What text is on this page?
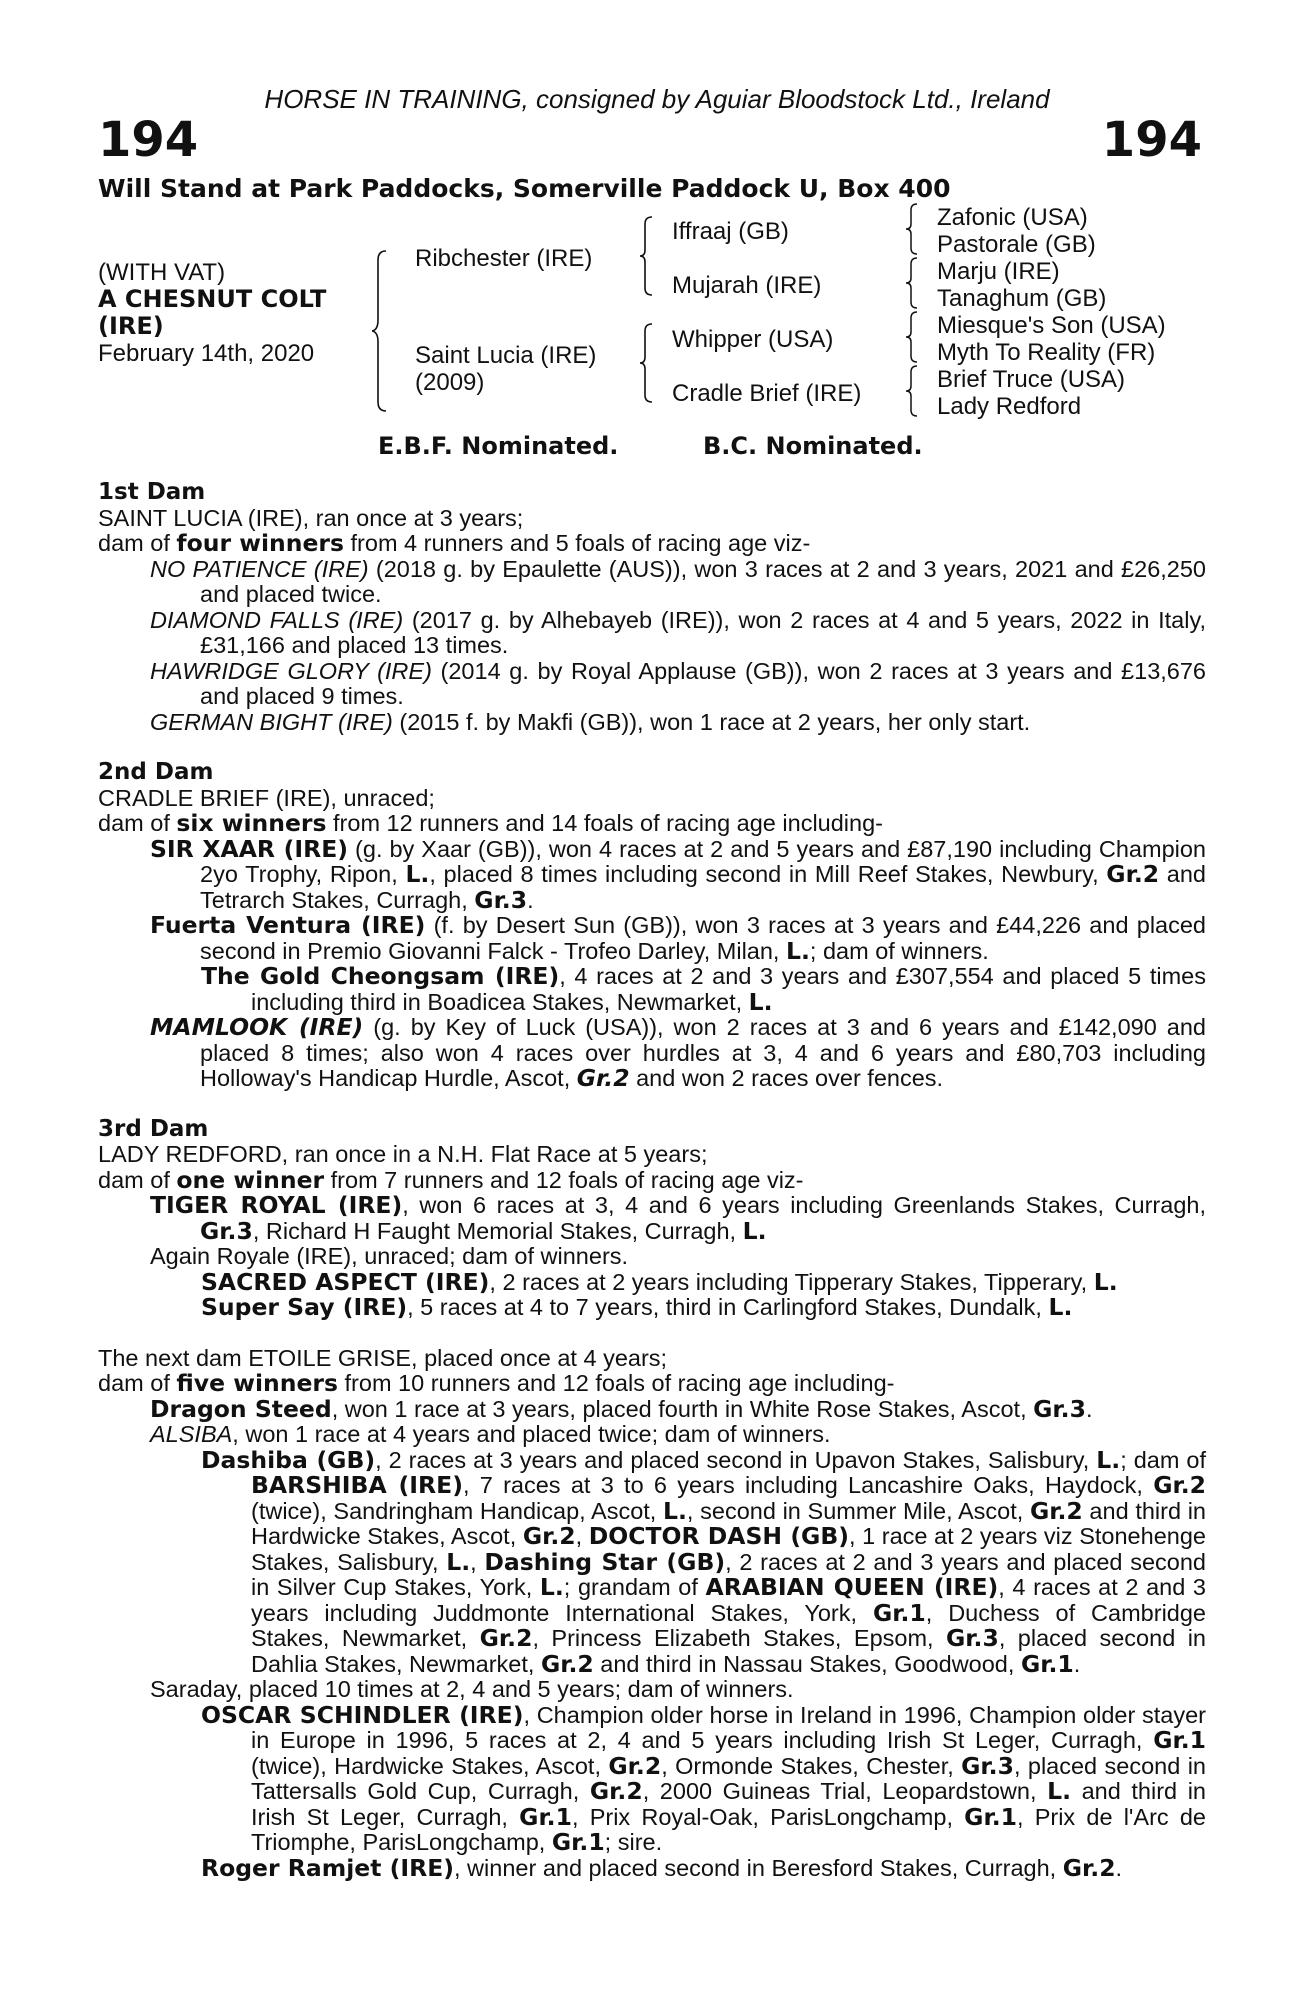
HORSE IN TRAINING, consigned by Aguiar Bloodstock Ltd., Ireland
194	194
Will Stand at Park Paddocks, Somerville Paddock U, Box 400
(WITH VAT)
A CHESNUT COLT
(IRE)
February 14th, 2020
Ribchester (IRE)
Saint Lucia (IRE)
(2009)
Iffraaj (GB)
Mujarah (IRE)
Whipper (USA)
Cradle Brief (IRE)
Zafonic (USA)
Pastorale (GB)
Marju (IRE)
Tanaghum (GB)
Miesque's Son (USA)
Myth To Reality (FR)
Brief Truce (USA)
Lady Redford
E.B.F. Nominated.	B.C. Nominated.

1st Dam

SAINT LUCIA (IRE), ran once at 3 years;

dam of four winners from 4 runners and 5 foals of racing age viz-

NO PATIENCE (IRE) (2018 g. by Epaulette (AUS)), won 3 races at 2 and 3 years, 2021 and £26,250 and placed twice.

DIAMOND FALLS (IRE) (2017 g. by Alhebayeb (IRE)), won 2 races at 4 and 5 years, 2022 in Italy, £31,166 and placed 13 times.

HAWRIDGE GLORY (IRE) (2014 g. by Royal Applause (GB)), won 2 races at 3 years and £13,676 and placed 9 times.

GERMAN BIGHT (IRE) (2015 f. by Makfi (GB)), won 1 race at 2 years, her only start.

2nd Dam

CRADLE BRIEF (IRE), unraced;

dam of six winners from 12 runners and 14 foals of racing age including-

SIR XAAR (IRE) (g. by Xaar (GB)), won 4 races at 2 and 5 years and £87,190 including Champion 2yo Trophy, Ripon, L., placed 8 times including second in Mill Reef Stakes, Newbury, Gr.2 and Tetrarch Stakes, Curragh, Gr.3.

Fuerta Ventura (IRE) (f. by Desert Sun (GB)), won 3 races at 3 years and £44,226 and placed second in Premio Giovanni Falck - Trofeo Darley, Milan, L.; dam of winners.

The Gold Cheongsam (IRE), 4 races at 2 and 3 years and £307,554 and placed 5 times including third in Boadicea Stakes, Newmarket, L.

MAMLOOK (IRE) (g. by Key of Luck (USA)), won 2 races at 3 and 6 years and £142,090 and placed 8 times; also won 4 races over hurdles at 3, 4 and 6 years and £80,703 including Holloway's Handicap Hurdle, Ascot, Gr.2 and won 2 races over fences.

3rd Dam

LADY REDFORD, ran once in a N.H. Flat Race at 5 years;

dam of one winner from 7 runners and 12 foals of racing age viz-

TIGER ROYAL (IRE), won 6 races at 3, 4 and 6 years including Greenlands Stakes, Curragh, Gr.3, Richard H Faught Memorial Stakes, Curragh, L.

Again Royale (IRE), unraced; dam of winners.

SACRED ASPECT (IRE), 2 races at 2 years including Tipperary Stakes, Tipperary, L.

Super Say (IRE), 5 races at 4 to 7 years, third in Carlingford Stakes, Dundalk, L.

The next dam ETOILE GRISE, placed once at 4 years;

dam of five winners from 10 runners and 12 foals of racing age including-

Dragon Steed, won 1 race at 3 years, placed fourth in White Rose Stakes, Ascot, Gr.3.

ALSIBA, won 1 race at 4 years and placed twice; dam of winners.

Dashiba (GB), 2 races at 3 years and placed second in Upavon Stakes, Salisbury, L.; dam of BARSHIBA (IRE), 7 races at 3 to 6 years including Lancashire Oaks, Haydock, Gr.2 (twice), Sandringham Handicap, Ascot, L., second in Summer Mile, Ascot, Gr.2 and third in Hardwicke Stakes, Ascot, Gr.2, DOCTOR DASH (GB), 1 race at 2 years viz Stonehenge Stakes, Salisbury, L., Dashing Star (GB), 2 races at 2 and 3 years and placed second in Silver Cup Stakes, York, L.; grandam of ARABIAN QUEEN (IRE), 4 races at 2 and 3 years including Juddmonte International Stakes, York, Gr.1, Duchess of Cambridge Stakes, Newmarket, Gr.2, Princess Elizabeth Stakes, Epsom, Gr.3, placed second in Dahlia Stakes, Newmarket, Gr.2 and third in Nassau Stakes, Goodwood, Gr.1.

Saraday, placed 10 times at 2, 4 and 5 years; dam of winners.

OSCAR SCHINDLER (IRE), Champion older horse in Ireland in 1996, Champion older stayer in Europe in 1996, 5 races at 2, 4 and 5 years including Irish St Leger, Curragh, Gr.1 (twice), Hardwicke Stakes, Ascot, Gr.2, Ormonde Stakes, Chester, Gr.3, placed second in Tattersalls Gold Cup, Curragh, Gr.2, 2000 Guineas Trial, Leopardstown, L. and third in Irish St Leger, Curragh, Gr.1, Prix Royal-Oak, ParisLongchamp, Gr.1, Prix de l'Arc de Triomphe, ParisLongchamp, Gr.1; sire.

Roger Ramjet (IRE), winner and placed second in Beresford Stakes, Curragh, Gr.2.
